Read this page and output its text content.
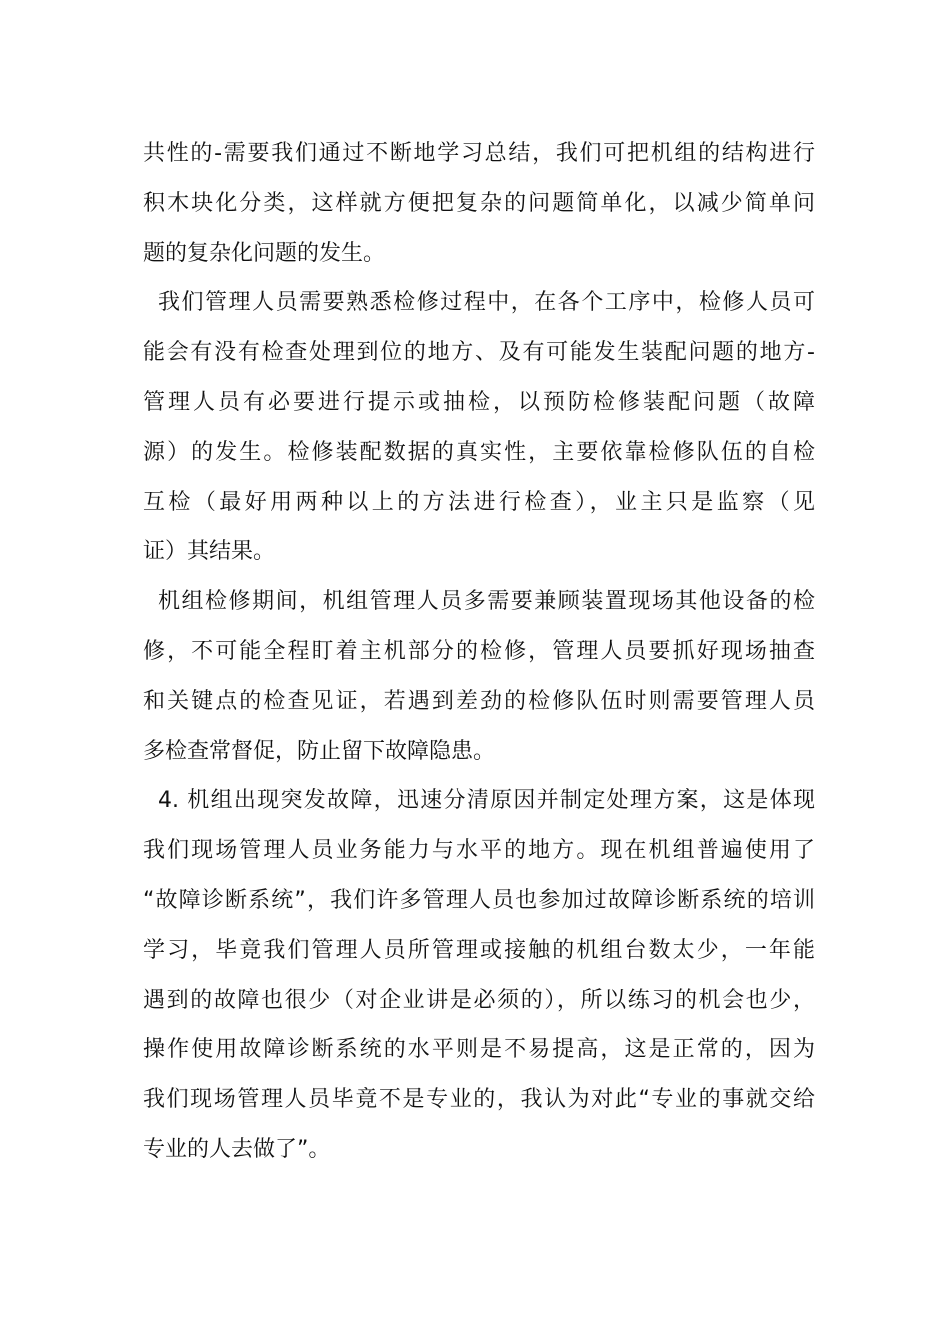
共性的-需要我们通过不断地学习总结，我们可把机组的结构进行
积木块化分类，这样就方便把复杂的问题简单化，以减少简单问
题的复杂化问题的发生。

我们管理人员需要熟悉检修过程中，在各个工序中，检修人员可
能会有没有检查处理到位的地方、及有可能发生装配问题的地方-
管理人员有必要进行提示或抽检，以预防检修装配问题（故障
源）的发生。检修装配数据的真实性，主要依靠检修队伍的自检
互检（最好用两种以上的方法进行检查），业主只是监察（见
证）其结果。

机组检修期间，机组管理人员多需要兼顾装置现场其他设备的检
修，不可能全程盯着主机部分的检修，管理人员要抓好现场抽查
和关键点的检查见证，若遇到差劲的检修队伍时则需要管理人员
多检查常督促，防止留下故障隐患。

4. 机组出现突发故障，迅速分清原因并制定处理方案，这是体现
我们现场管理人员业务能力与水平的地方。现在机组普遍使用了
“故障诊断系统”，我们许多管理人员也参加过故障诊断系统的培训
学习，毕竟我们管理人员所管理或接触的机组台数太少，一年能
遇到的故障也很少（对企业讲是必须的），所以练习的机会也少，
操作使用故障诊断系统的水平则是不易提高，这是正常的，因为
我们现场管理人员毕竟不是专业的，我认为对此“专业的事就交给
专业的人去做了”。
